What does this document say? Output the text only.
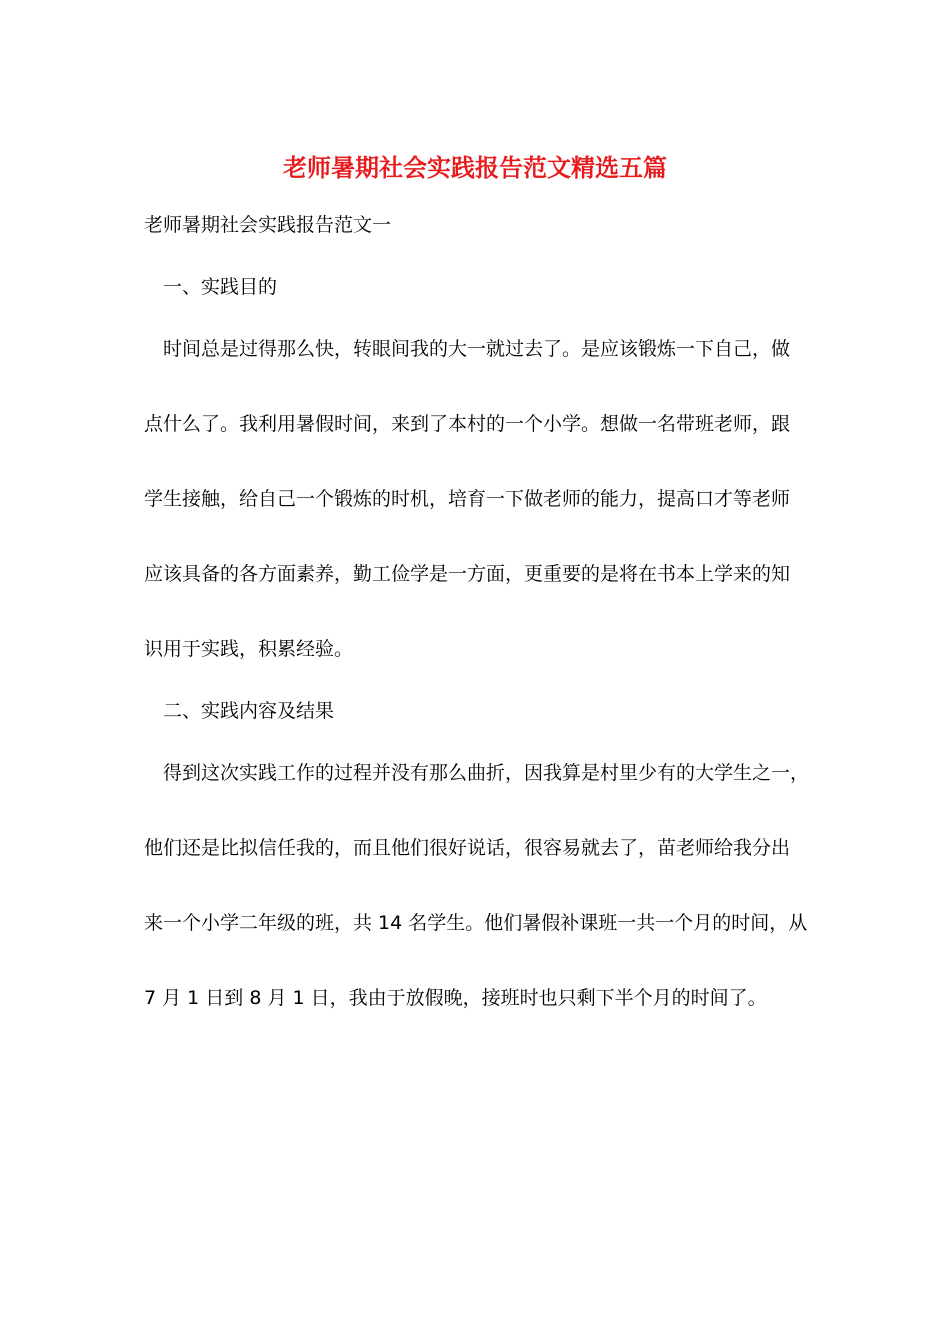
老师暑期社会实践报告范文精选五篇
老师暑期社会实践报告范文一
一、实践目的
时间总是过得那么快，转眼间我的大一就过去了。是应该锻炼一下自己，做
点什么了。我利用暑假时间，来到了本村的一个小学。想做一名带班老师，跟
学生接触，给自己一个锻炼的时机，培育一下做老师的能力，提高口才等老师
应该具备的各方面素养，勤工俭学是一方面，更重要的是将在书本上学来的知
识用于实践，积累经验。
二、实践内容及结果
得到这次实践工作的过程并没有那么曲折，因我算是村里少有的大学生之一，
他们还是比拟信任我的，而且他们很好说话，很容易就去了，苗老师给我分出
来一个小学二年级的班，共 14 名学生。他们暑假补课班一共一个月的时间，从
7 月 1 日到 8 月 1 日，我由于放假晚，接班时也只剩下半个月的时间了。
